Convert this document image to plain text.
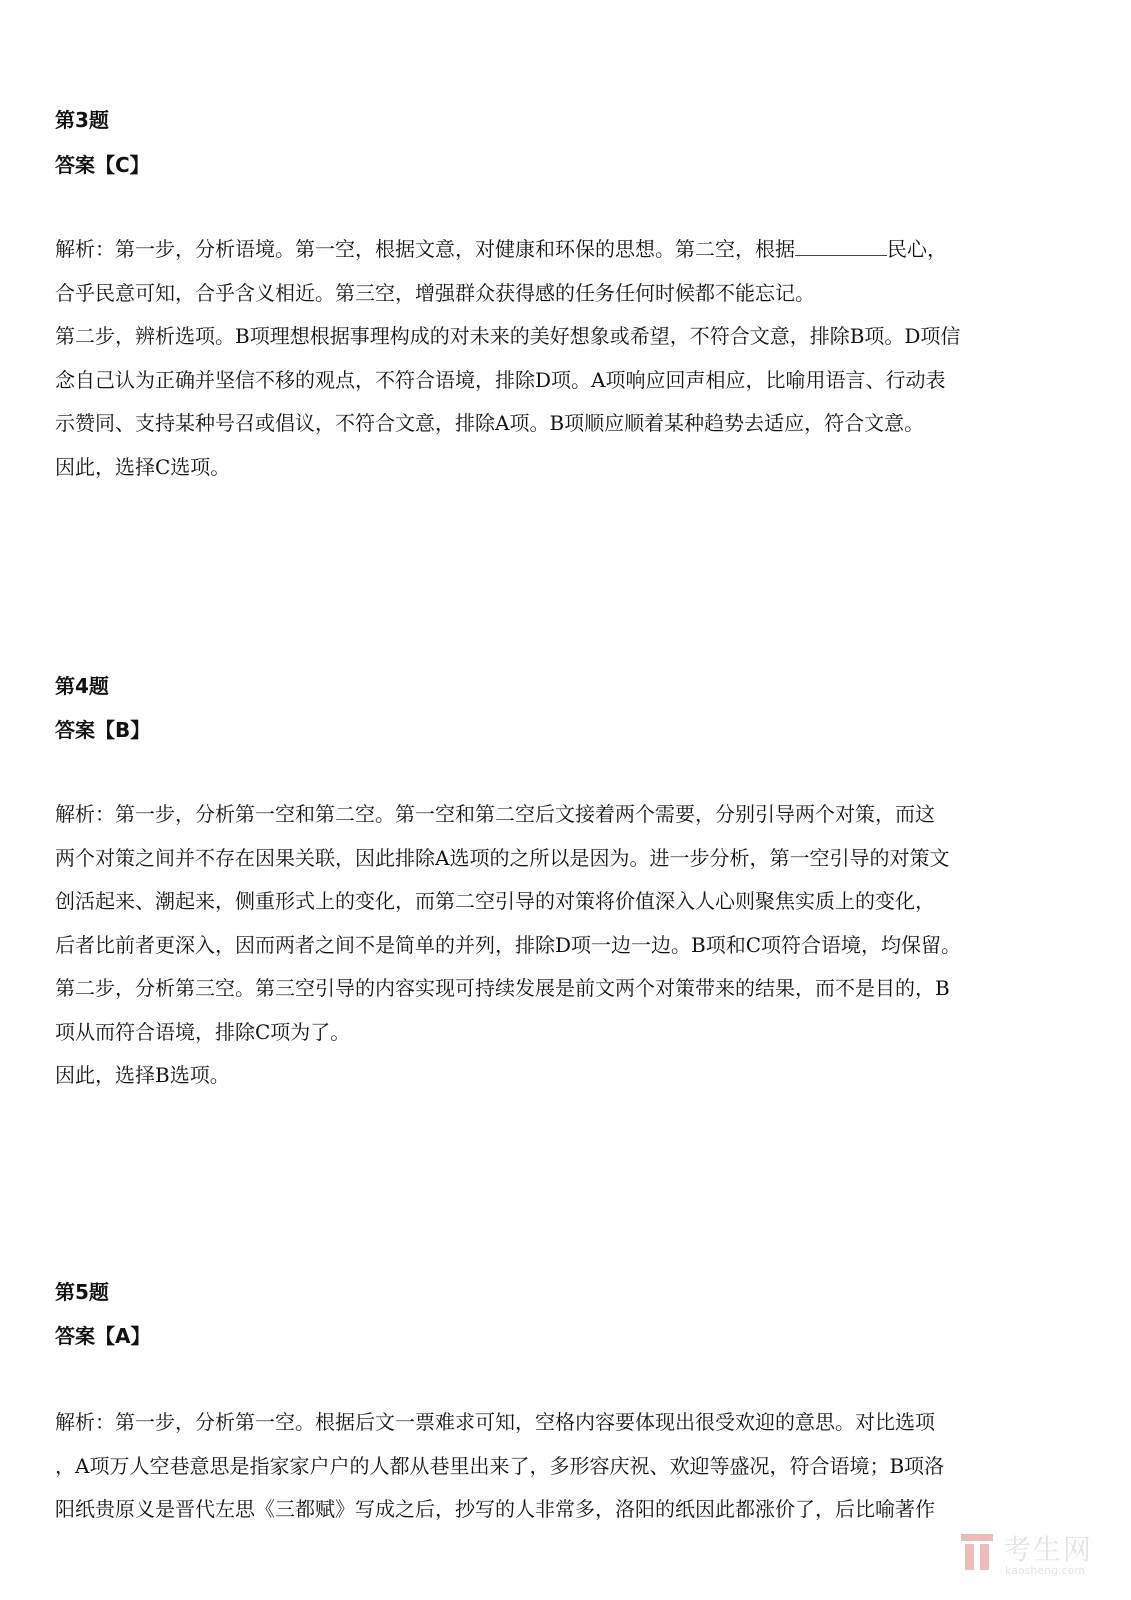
第3题
答案【C】
解析：第一步，分析语境。第一空，根据文意，对健康和环保的思想。第二空，根据	民心，
合乎民意可知，合乎含义相近。第三空，增强群众获得感的任务任何时候都不能忘记。
第二步，辨析选项。B项理想根据事理构成的对未来的美好想象或希望，不符合文意，排除B项。D项信
念自己认为正确并坚信不移的观点，不符合语境，排除D项。A项响应回声相应，比喻用语言、行动表
示赞同、支持某种号召或倡议，不符合文意，排除A项。B项顺应顺着某种趋势去适应，符合文意。
因此，选择C选项。
第4题
答案【B】
解析：第一步，分析第一空和第二空。第一空和第二空后文接着两个需要，分别引导两个对策，而这
两个对策之间并不存在因果关联，因此排除A选项的之所以是因为。进一步分析，第一空引导的对策文
创活起来、潮起来，侧重形式上的变化，而第二空引导的对策将价值深入人心则聚焦实质上的变化，
后者比前者更深入，因而两者之间不是简单的并列，排除D项一边一边。B项和C项符合语境，均保留。
第二步，分析第三空。第三空引导的内容实现可持续发展是前文两个对策带来的结果，而不是目的，B
项从而符合语境，排除C项为了。
因此，选择B选项。
第5题
答案【A】
解析：第一步，分析第一空。根据后文一票难求可知，空格内容要体现出很受欢迎的意思。对比选项
，A项万人空巷意思是指家家户户的人都从巷里出来了，多形容庆祝、欢迎等盛况，符合语境；B项洛
阳纸贵原义是晋代左思《三都赋》写成之后，抄写的人非常多，洛阳的纸因此都涨价了，后比喻著作
考生网
kaosheng.com
